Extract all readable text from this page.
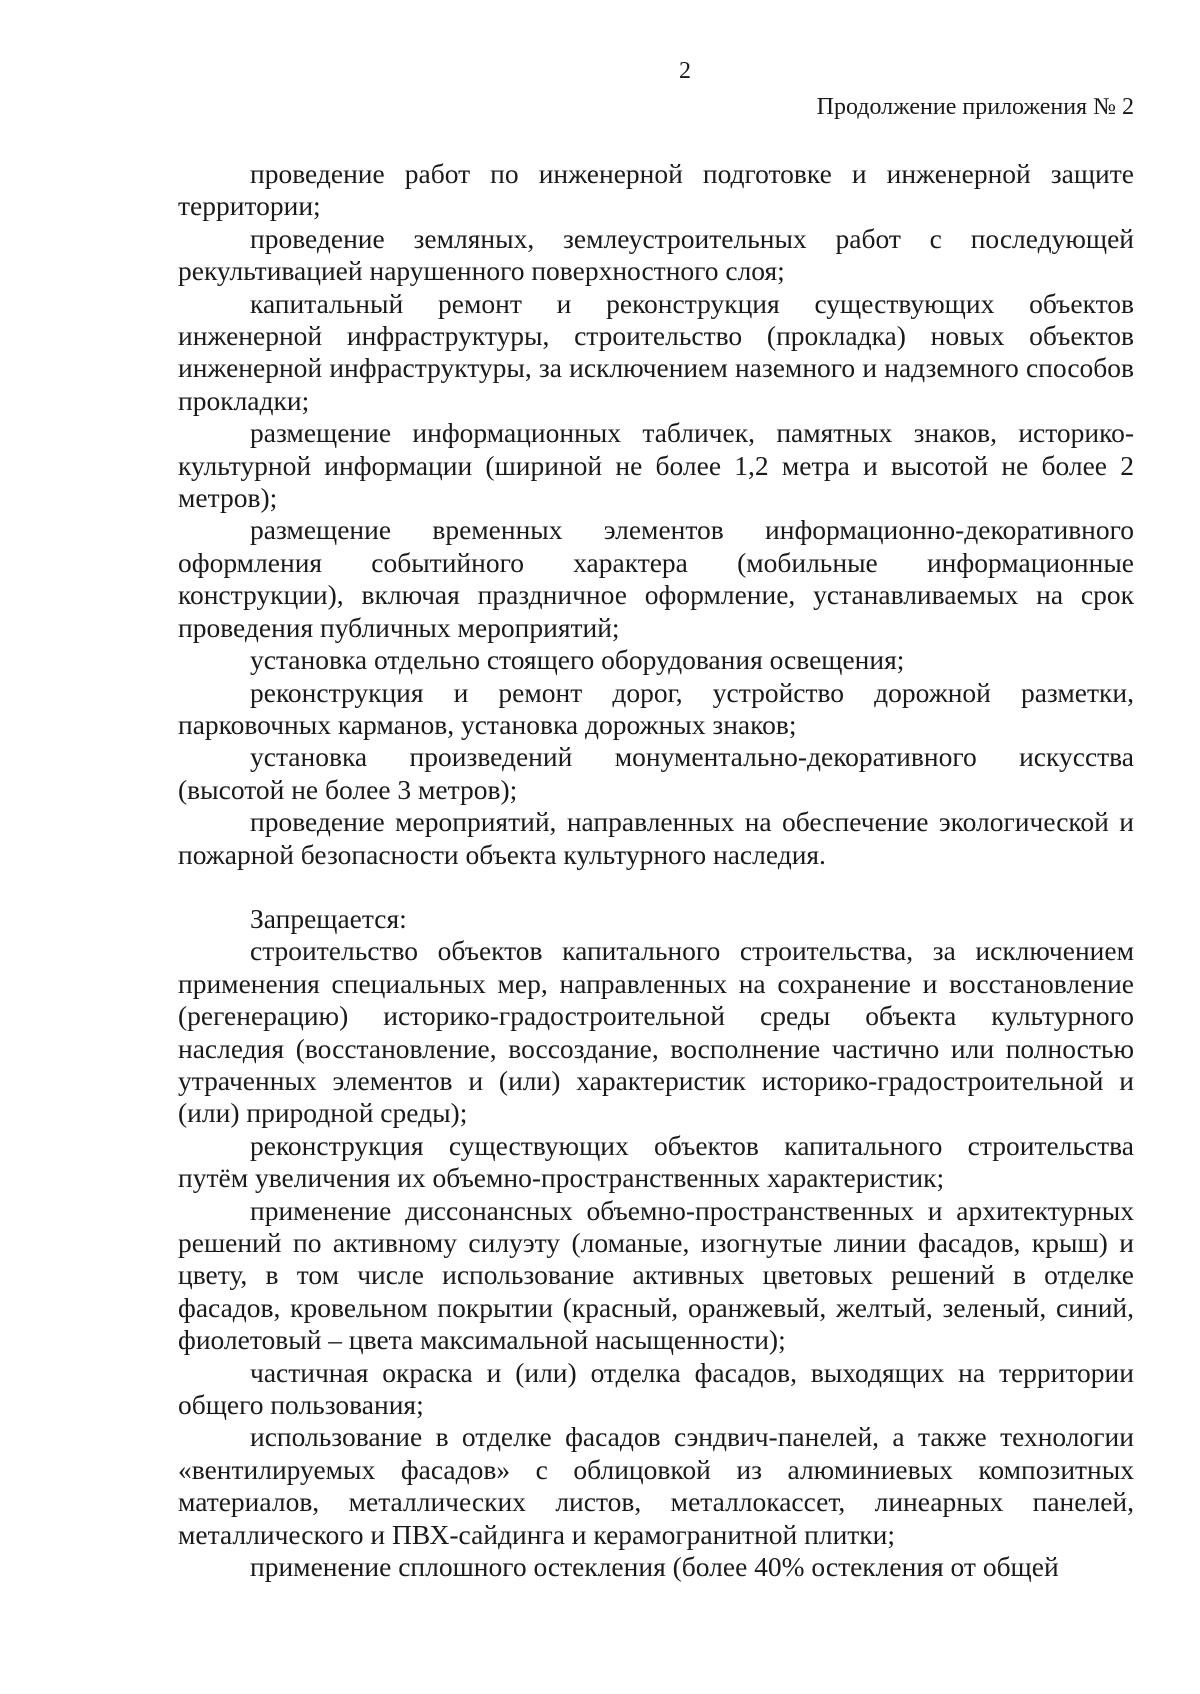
2
Продолжение приложения № 2

проведение работ по инженерной подготовке и инженерной защите территории;

проведение земляных, землеустроительных работ с последующей рекультивацией нарушенного поверхностного слоя;

капитальный ремонт и реконструкция существующих объектов инженерной инфраструктуры, строительство (прокладка) новых объектов инженерной инфраструктуры, за исключением наземного и надземного способов прокладки;

размещение информационных табличек, памятных знаков, историко-культурной информации (шириной не более 1,2 метра и высотой не более 2 метров);

размещение временных элементов информационно-декоративного оформления событийного характера (мобильные информационные конструкции), включая праздничное оформление, устанавливаемых на срок проведения публичных мероприятий;

установка отдельно стоящего оборудования освещения;

реконструкция и ремонт дорог, устройство дорожной разметки, парковочных карманов, установка дорожных знаков;

установка произведений монументально-декоративного искусства (высотой не более 3 метров);

проведение мероприятий, направленных на обеспечение экологической и пожарной безопасности объекта культурного наследия.

Запрещается:

строительство объектов капитального строительства, за исключением применения специальных мер, направленных на сохранение и восстановление (регенерацию) историко-градостроительной среды объекта культурного наследия (восстановление, воссоздание, восполнение частично или полностью утраченных элементов и (или) характеристик историко-градостроительной и (или) природной среды);

реконструкция существующих объектов капитального строительства путём увеличения их объемно-пространственных характеристик;

применение диссонансных объемно-пространственных и архитектурных решений по активному силуэту (ломаные, изогнутые линии фасадов, крыш) и цвету, в том числе использование активных цветовых решений в отделке фасадов, кровельном покрытии (красный, оранжевый, желтый, зеленый, синий, фиолетовый – цвета максимальной насыщенности);

частичная окраска и (или) отделка фасадов, выходящих на территории общего пользования;

использование в отделке фасадов сэндвич-панелей, а также технологии «вентилируемых фасадов» с облицовкой из алюминиевых композитных материалов, металлических листов, металлокассет, линеарных панелей, металлического и ПВХ-сайдинга и керамогранитной плитки;

применение сплошного остекления (более 40% остекления от общей
